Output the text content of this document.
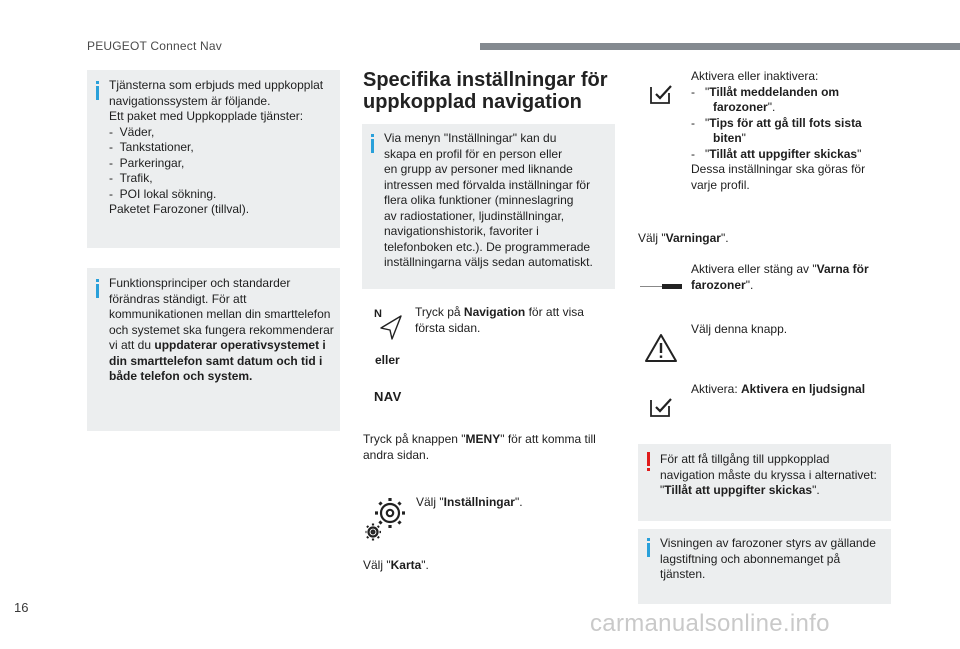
PEUGEOT Connect Nav
Tjänsterna som erbjuds med uppkopplat
navigationssystem är följande.
Ett paket med Uppkopplade tjänster:
-  Väder,
-  Tankstationer,
-  Parkeringar,
-  Trafik,
-  POI lokal sökning.
Paketet Farozoner (tillval).
Funktionsprinciper och standarder
förändras ständigt. För att
kommunikationen mellan din smarttelefon
och systemet ska fungera rekommenderar
vi att du uppdaterar operativsystemet i
din smarttelefon samt datum och tid i
både telefon och system.
Specifika inställningar för
uppkopplad navigation
Via menyn "Inställningar" kan du
skapa en profil för en person eller
en grupp av personer med liknande
intressen med förvalda inställningar för
flera olika funktioner (minneslagring
av radiostationer, ljudinställningar,
navigationshistorik, favoriter i
telefonboken etc.). De programmerade
inställningarna väljs sedan automatiskt.
N
eller
NAV
Tryck på Navigation för att visa
första sidan.
Tryck på knappen "MENY" för att komma till
andra sidan.
Välj "Inställningar".
Välj "Karta".
Aktivera eller inaktivera:
-   "Tillåt meddelanden om
farozoner".
-   "Tips för att gå till fots sista
biten"
-   "Tillåt att uppgifter skickas"
Dessa inställningar ska göras för
varje profil.
Välj "Varningar".
Aktivera eller stäng av "Varna för
farozoner".
Välj denna knapp.
Aktivera: Aktivera en ljudsignal
För att få tillgång till uppkopplad
navigation måste du kryssa i alternativet:
"Tillåt att uppgifter skickas".
Visningen av farozoner styrs av gällande
lagstiftning och abonnemanget på
tjänsten.
16
carmanualsonline.info
